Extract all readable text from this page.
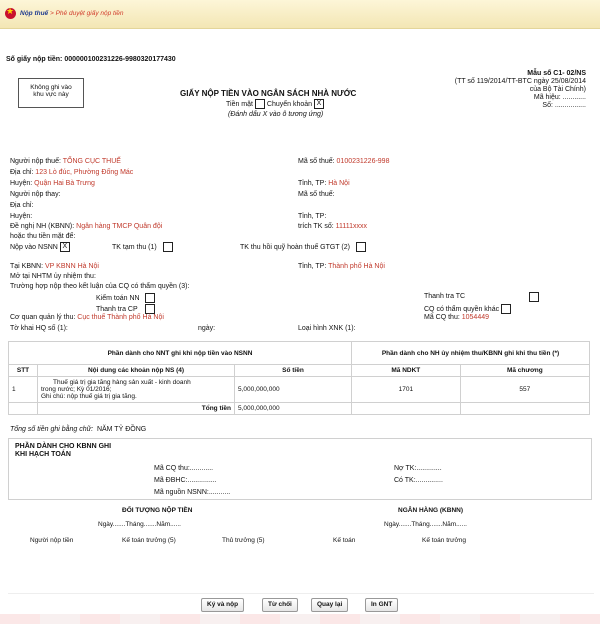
★
Nộp thuế > Phê duyệt giấy nộp tiền
Số giấy nộp tiền: 000000100231226-9980320177430
Không ghi vào
khu vực này
Mẫu số C1- 02/NS
(TT số 119/2014/TT-BTC ngày 25/08/2014
của Bộ Tài Chính)
Mã hiệu: ............
Số: ................
GIẤY NỘP TIỀN VÀO NGÂN SÁCH NHÀ NƯỚC
Tiền mặt Chuyển khoản X
(Đánh dấu X vào ô tương ứng)
Người nộp thuế: TỔNG CỤC THUẾ	Mã số thuế: 0100231226-998
Địa chỉ: 123 Lò đúc, Phường Đống Mác
Huyện: Quận Hai Bà Trưng	Tỉnh, TP: Hà Nội
Người nộp thay:	Mã số thuế:
Địa chỉ:
Huyện:	Tỉnh, TP:
Đề nghị NH (KBNN): Ngân hàng TMCP Quân đội	trích TK số: 11111xxxx
hoặc thu tiền mặt để:
Nộp vào NSNN X	TK tạm thu (1)	TK thu hồi quỹ hoàn thuế GTGT (2)
Tại KBNN: VP KBNN Hà Nội	Tỉnh, TP: Thành phố Hà Nội
Mở tại NHTM ủy nhiệm thu:
Trường hợp nộp theo kết luận của CQ có thẩm quyền (3):
Kiểm toán NN	Thanh tra TC
Thanh tra CP	CQ có thẩm quyền khác
Cơ quan quản lý thu: Cục thuế Thành phố Hà Nội	Mã CQ thu: 1054449
Tờ khai HQ số (1):	ngày:	Loại hình XNK (1):
Phần dành cho NNT ghi khi nộp tiền vào NSNN			Phần dành cho NH ủy nhiệm thu/KBNN ghi khi thu tiền (*)	
STT	Nội dung các khoản nộp NS (4)	Số tiền	Mã NDKT	Mã chương
1	Thuế giá trị gia tăng hàng sản xuất - kinh doanh
trong nước; Kỳ 01/2016;
Ghi chú: nộp thuế giá trị gia tăng.	5,000,000,000	1701	557
	Tổng tiền	5,000,000,000		
Tổng số tiền ghi bằng chữ: NĂM TỶ ĐỒNG
PHẦN DÀNH CHO KBNN GHI
KHI HẠCH TOÁN
Mã CQ thu:............
Mã ĐBHC:...............
Mã nguồn NSNN:...........
Nợ TK:.............
Có TK:..............
ĐỐI TƯỢNG NỘP TIỀN	NGÂN HÀNG (KBNN)
Ngày.......Tháng.......Năm......	Ngày.......Tháng.......Năm......
Người nộp tiền	Kế toán trưởng (5)	Thủ trưởng (5)	Kế toán	Kế toán trưởng
Ký và nộp	Từ chối	Quay lại	In GNT
